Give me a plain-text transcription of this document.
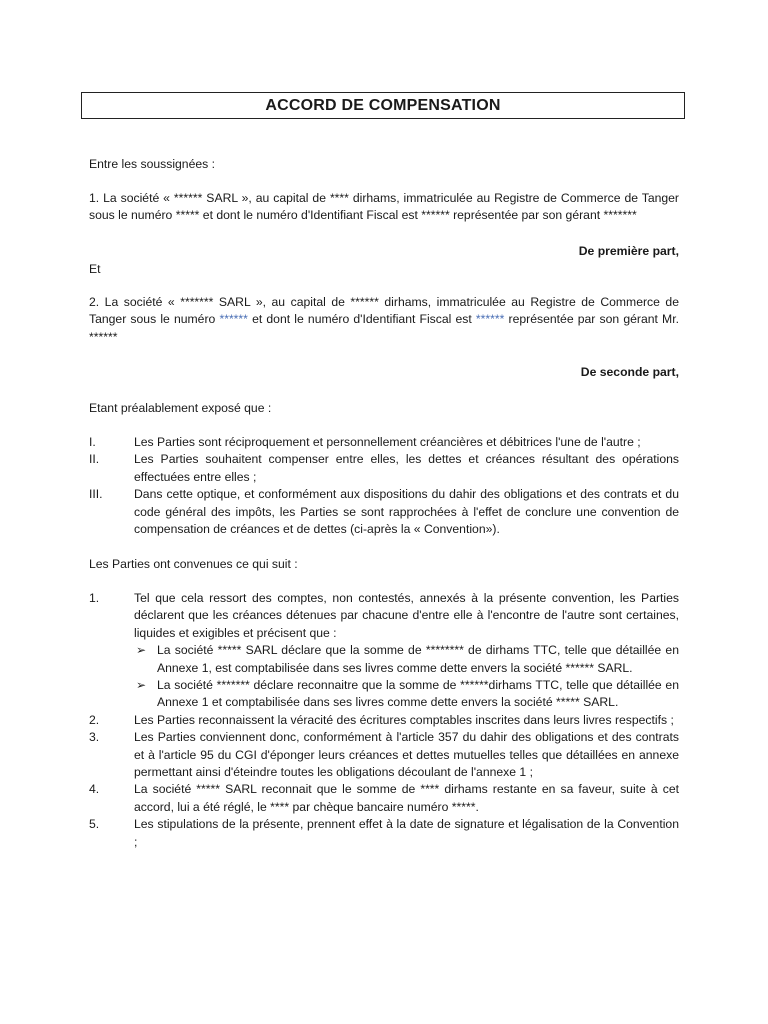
ACCORD DE COMPENSATION

Entre les soussignées :

1. La société « ****** SARL », au capital de **** dirhams, immatriculée au Registre de Commerce de Tanger sous le numéro ***** et dont le numéro d'Identifiant Fiscal est ****** représentée par son gérant *******

De première part,

Et

2. La société « ******* SARL », au capital de ****** dirhams, immatriculée au Registre de Commerce de Tanger sous le numéro ****** et dont le numéro d'Identifiant Fiscal est ****** représentée par son gérant Mr. ******

De seconde part,

Etant préalablement exposé que :

I.	Les Parties sont réciproquement et personnellement créancières et débitrices l'une de l'autre ;
II.	Les Parties souhaitent compenser entre elles, les dettes et créances résultant des opérations effectuées entre elles ;
III.	Dans cette optique, et conformément aux dispositions du dahir des obligations et des contrats et du code général des impôts, les Parties se sont rapprochées à l'effet de conclure une convention de compensation de créances et de dettes (ci-après la « Convention»).

Les Parties ont convenues ce qui suit :

1.	Tel que cela ressort des comptes, non contestés, annexés à la présente convention, les Parties déclarent que les créances détenues par chacune d'entre elle à l'encontre de l'autre sont certaines, liquides et exigibles et précisent que :
➢ La société ***** SARL déclare que la somme de ******** de dirhams TTC, telle que détaillée en Annexe 1, est comptabilisée dans ses livres comme dette envers la société ****** SARL.
➢ La société ******* déclare reconnaitre que la somme de ******dirhams TTC, telle que détaillée en Annexe 1 et comptabilisée dans ses livres comme dette envers la société ***** SARL.
2.	Les Parties reconnaissent la véracité des écritures comptables inscrites dans leurs livres respectifs ;
3.	Les Parties conviennent donc, conformément à l'article 357 du dahir des obligations et des contrats et à l'article 95 du CGI d'éponger leurs créances et dettes mutuelles telles que détaillées en annexe permettant ainsi d'éteindre toutes les obligations découlant de l'annexe 1 ;
4.	La société ***** SARL reconnait que le somme de **** dirhams restante en sa faveur, suite à cet accord, lui a été réglé, le **** par chèque bancaire numéro *****.
5.	Les stipulations de la présente, prennent effet à la date de signature et légalisation de la Convention ;
